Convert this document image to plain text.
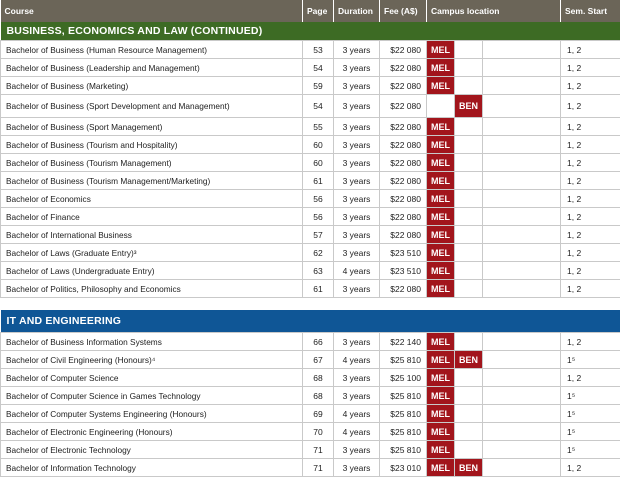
Course	Page	Duration	Fee (A$)	Campus location			Sem. Start
BUSINESS, ECONOMICS AND LAW (CONTINUED)							
Bachelor of Business (Human Resource Management)	53	3 years	$22 080	MEL			1, 2
Bachelor of Business (Leadership and Management)	54	3 years	$22 080	MEL			1, 2
Bachelor of Business (Marketing)	59	3 years	$22 080	MEL			1, 2
Bachelor of Business (Sport Development and Management)	54	3 years	$22 080		BEN		1, 2
Bachelor of Business (Sport Management)	55	3 years	$22 080	MEL			1, 2
Bachelor of Business (Tourism and Hospitality)	60	3 years	$22 080	MEL			1, 2
Bachelor of Business (Tourism Management)	60	3 years	$22 080	MEL			1, 2
Bachelor of Business (Tourism Management/Marketing)	61	3 years	$22 080	MEL			1, 2
Bachelor of Economics	56	3 years	$22 080	MEL			1, 2
Bachelor of Finance	56	3 years	$22 080	MEL			1, 2
Bachelor of International Business	57	3 years	$22 080	MEL			1, 2
Bachelor of Laws (Graduate Entry)³	62	3 years	$23 510	MEL			1, 2
Bachelor of Laws (Undergraduate Entry)	63	4 years	$23 510	MEL			1, 2
Bachelor of Politics, Philosophy and Economics	61	3 years	$22 080	MEL			1, 2

IT AND ENGINEERING							
Bachelor of Business Information Systems	66	3 years	$22 140	MEL			1, 2
Bachelor of Civil Engineering (Honours)⁴	67	4 years	$25 810	MEL	BEN		1⁵
Bachelor of Computer Science	68	3 years	$25 100	MEL			1, 2
Bachelor of Computer Science in Games Technology	68	3 years	$25 810	MEL			1⁵
Bachelor of Computer Systems Engineering (Honours)	69	4 years	$25 810	MEL			1⁵
Bachelor of Electronic Engineering (Honours)	70	4 years	$25 810	MEL			1⁵
Bachelor of Electronic Technology	71	3 years	$25 810	MEL			1⁵
Bachelor of Information Technology	71	3 years	$23 010	MEL	BEN		1, 2
